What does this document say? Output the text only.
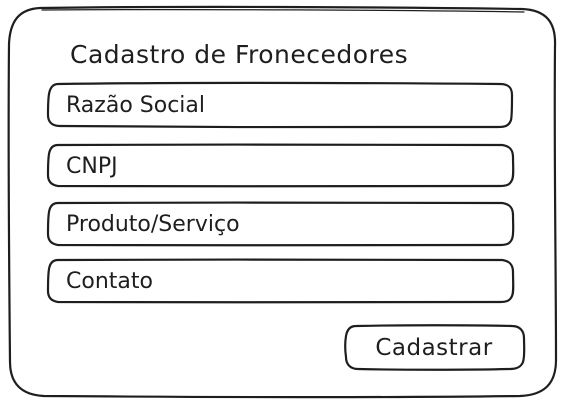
Cadastro de Fronecedores
Razão Social
CNPJ
Produto/Serviço
Contato
Cadastrar
